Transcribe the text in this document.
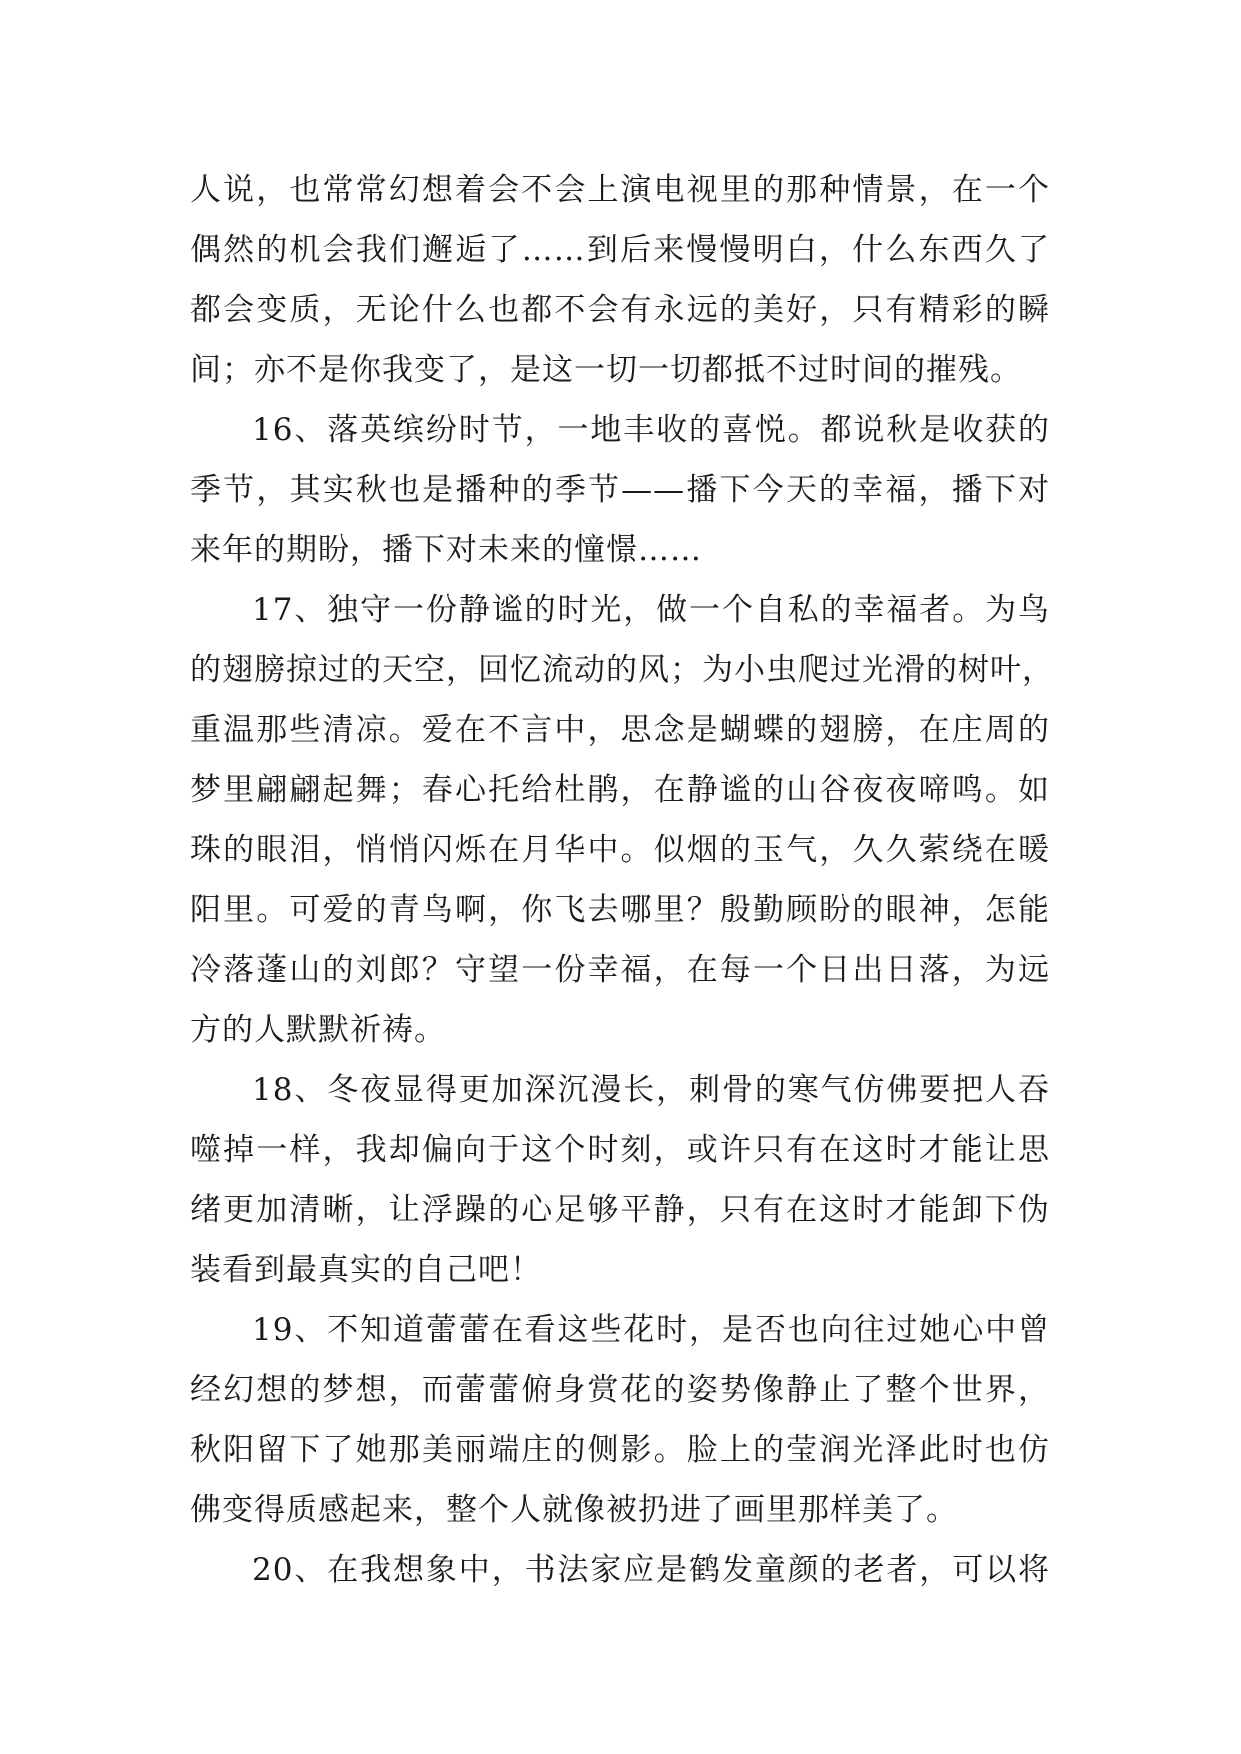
人说，也常常幻想着会不会上演电视里的那种情景，在一个
偶然的机会我们邂逅了……到后来慢慢明白，什么东西久了
都会变质，无论什么也都不会有永远的美好，只有精彩的瞬
间；亦不是你我变了，是这一切一切都抵不过时间的摧残。
16、落英缤纷时节，一地丰收的喜悦。都说秋是收获的
季节，其实秋也是播种的季节——播下今天的幸福，播下对
来年的期盼，播下对未来的憧憬……
17、独守一份静谧的时光，做一个自私的幸福者。为鸟
的翅膀掠过的天空，回忆流动的风；为小虫爬过光滑的树叶，
重温那些清凉。爱在不言中，思念是蝴蝶的翅膀，在庄周的
梦里翩翩起舞；春心托给杜鹃，在静谧的山谷夜夜啼鸣。如
珠的眼泪，悄悄闪烁在月华中。似烟的玉气，久久萦绕在暖
阳里。可爱的青鸟啊，你飞去哪里？殷勤顾盼的眼神，怎能
冷落蓬山的刘郎？守望一份幸福，在每一个日出日落，为远
方的人默默祈祷。
18、冬夜显得更加深沉漫长，刺骨的寒气仿佛要把人吞
噬掉一样，我却偏向于这个时刻，或许只有在这时才能让思
绪更加清晰，让浮躁的心足够平静，只有在这时才能卸下伪
装看到最真实的自己吧！
19、不知道蕾蕾在看这些花时，是否也向往过她心中曾
经幻想的梦想，而蕾蕾俯身赏花的姿势像静止了整个世界，
秋阳留下了她那美丽端庄的侧影。脸上的莹润光泽此时也仿
佛变得质感起来，整个人就像被扔进了画里那样美了。
20、在我想象中，书法家应是鹤发童颜的老者，可以将
